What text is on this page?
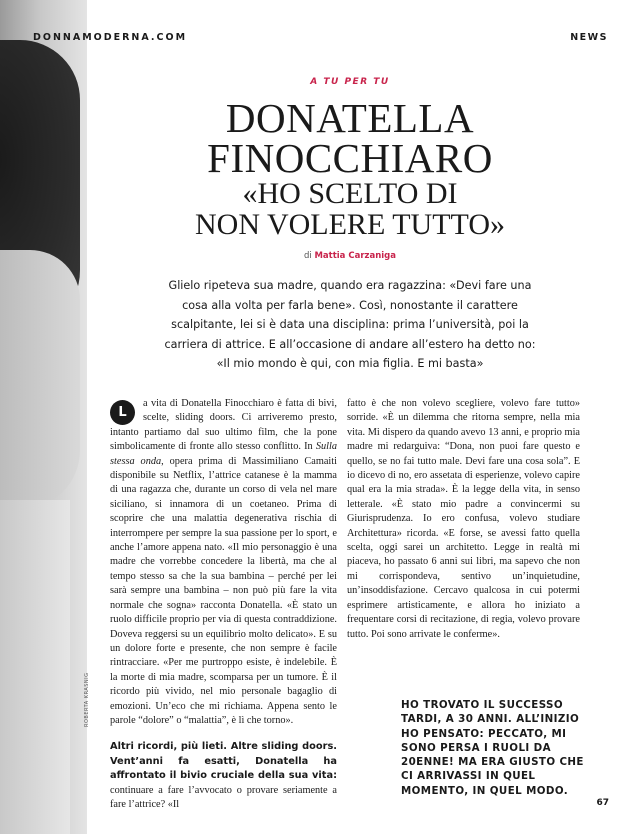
ROBERTA KRASNIG
DONNAMODERNA.COM	NEWS
A TU PER TU
DONATELLA
FINOCCHIARO
«HO SCELTO DI
NON VOLERE TUTTO»
di Mattia Carzaniga
Glielo ripeteva sua madre, quando era ragazzina: «Devi fare una cosa alla volta per farla bene». Così, nonostante il carattere scalpitante, lei si è data una disciplina: prima l’università, poi la carriera di attrice. E all’occasione di andare all’estero ha detto no: «Il mio mondo è qui, con mia figlia. E mi basta»

L
a vita di Donatella Finocchiaro è fatta di bivi, scelte, sliding doors. Ci arriveremo presto, intanto partiamo dal suo ultimo film, che la pone simbolicamente di fronte allo stesso conflitto. In Sulla stessa onda, opera prima di Massimiliano Camaiti disponibile su Netflix, l’attrice catanese è la mamma di una ragazza che, durante un corso di vela nel mare siciliano, si innamora di un coetaneo. Prima di scoprire che una malattia degenerativa rischia di interrompere per sempre la sua passione per lo sport, e anche l’amore appena nato. «Il mio personaggio è una madre che vorrebbe concedere la libertà, ma che al tempo stesso sa che la sua bambina – perché per lei sarà sempre una bambina – non può più fare la vita normale che sogna» racconta Donatella. «È stato un ruolo difficile proprio per via di questa contraddizione. Doveva reggersi su un equilibrio molto delicato». E su un dolore forte e presente, che non sempre è facile rintracciare. «Per me purtroppo esiste, è indelebile. È la morte di mia madre, scomparsa per un tumore. È il ricordo più vivido, nel mio personale bagaglio di emozioni. Un’eco che mi richiama. Appena sento le parole “dolore” o “malattia”, è lì che torno».

Altri ricordi, più lieti. Altre sliding doors. Vent’anni fa esatti, Donatella ha affrontato il bivio cruciale della sua vita: continuare a fare l’avvocato o provare seriamente a fare l’attrice? «Il

fatto è che non volevo scegliere, volevo fare tutto» sorride. «È un dilemma che ritorna sempre, nella mia vita. Mi dispero da quando avevo 13 anni, e proprio mia madre mi redarguiva: “Dona, non puoi fare questo e quello, se no fai tutto male. Devi fare una cosa sola”. E io dicevo di no, ero assetata di esperienze, volevo capire qual era la mia strada». È la legge della vita, in senso letterale. «È stato mio padre a convincermi su Giurisprudenza. Io ero confusa, volevo studiare Architettura» ricorda. «E forse, se avessi fatto quella scelta, oggi sarei un architetto. Legge in realtà mi piaceva, ho passato 6 anni sui libri, ma sapevo che non mi corrispondeva, sentivo un’inquietudine, un’insoddisfazione. Cercavo qualcosa in cui potermi esprimere artisticamente, e allora ho iniziato a frequentare corsi di recitazione, di regia, volevo provare tutto. Poi sono arrivate le conferme».

HO TROVATO IL SUCCESSO TARDI, A 30 ANNI. ALL’INIZIO HO PENSATO: PECCATO, MI SONO PERSA I RUOLI DA 20ENNE! MA ERA GIUSTO CHE CI ARRIVASSI IN QUEL MOMENTO, IN QUEL MODO.
67
